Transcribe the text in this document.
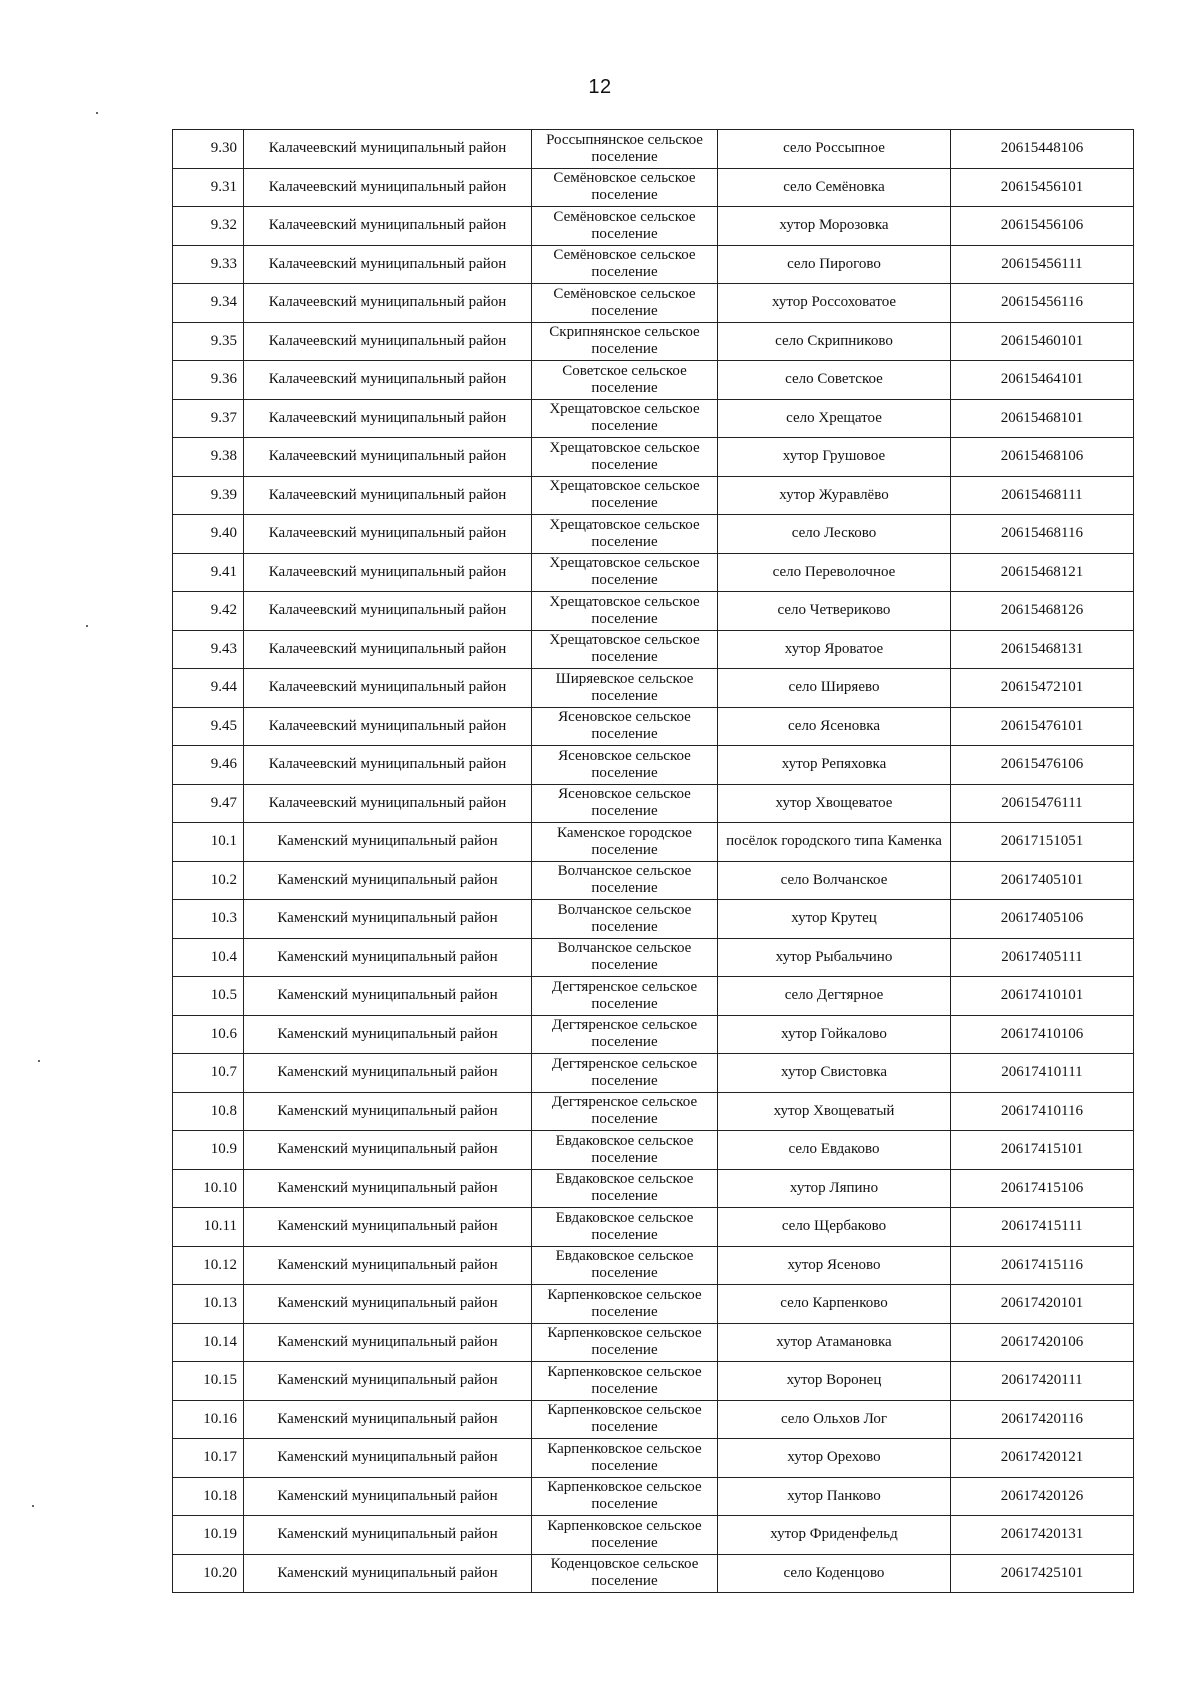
12
9.30	Калачеевский муниципальный район	Россыпнянское сельское поселение	село Россыпное	20615448106
9.31	Калачеевский муниципальный район	Семёновское сельское поселение	село Семёновка	20615456101
9.32	Калачеевский муниципальный район	Семёновское сельское поселение	хутор Морозовка	20615456106
9.33	Калачеевский муниципальный район	Семёновское сельское поселение	село Пирогово	20615456111
9.34	Калачеевский муниципальный район	Семёновское сельское поселение	хутор Россоховатое	20615456116
9.35	Калачеевский муниципальный район	Скрипнянское сельское поселение	село Скрипниково	20615460101
9.36	Калачеевский муниципальный район	Советское сельское поселение	село Советское	20615464101
9.37	Калачеевский муниципальный район	Хрещатовское сельское поселение	село Хрещатое	20615468101
9.38	Калачеевский муниципальный район	Хрещатовское сельское поселение	хутор Грушовое	20615468106
9.39	Калачеевский муниципальный район	Хрещатовское сельское поселение	хутор Журавлёво	20615468111
9.40	Калачеевский муниципальный район	Хрещатовское сельское поселение	село Лесково	20615468116
9.41	Калачеевский муниципальный район	Хрещатовское сельское поселение	село Переволочное	20615468121
9.42	Калачеевский муниципальный район	Хрещатовское сельское поселение	село Четвериково	20615468126
9.43	Калачеевский муниципальный район	Хрещатовское сельское поселение	хутор Яроватое	20615468131
9.44	Калачеевский муниципальный район	Ширяевское сельское поселение	село Ширяево	20615472101
9.45	Калачеевский муниципальный район	Ясеновское сельское поселение	село Ясеновка	20615476101
9.46	Калачеевский муниципальный район	Ясеновское сельское поселение	хутор Репяховка	20615476106
9.47	Калачеевский муниципальный район	Ясеновское сельское поселение	хутор Хвощеватое	20615476111
10.1	Каменский муниципальный район	Каменское городское поселение	посёлок городского типа Каменка	20617151051
10.2	Каменский муниципальный район	Волчанское сельское поселение	село Волчанское	20617405101
10.3	Каменский муниципальный район	Волчанское сельское поселение	хутор Крутец	20617405106
10.4	Каменский муниципальный район	Волчанское сельское поселение	хутор Рыбальчино	20617405111
10.5	Каменский муниципальный район	Дегтяренское сельское поселение	село Дегтярное	20617410101
10.6	Каменский муниципальный район	Дегтяренское сельское поселение	хутор Гойкалово	20617410106
10.7	Каменский муниципальный район	Дегтяренское сельское поселение	хутор Свистовка	20617410111
10.8	Каменский муниципальный район	Дегтяренское сельское поселение	хутор Хвощеватый	20617410116
10.9	Каменский муниципальный район	Евдаковское сельское поселение	село Евдаково	20617415101
10.10	Каменский муниципальный район	Евдаковское сельское поселение	хутор Ляпино	20617415106
10.11	Каменский муниципальный район	Евдаковское сельское поселение	село Щербаково	20617415111
10.12	Каменский муниципальный район	Евдаковское сельское поселение	хутор Ясеново	20617415116
10.13	Каменский муниципальный район	Карпенковское сельское поселение	село Карпенково	20617420101
10.14	Каменский муниципальный район	Карпенковское сельское поселение	хутор Атамановка	20617420106
10.15	Каменский муниципальный район	Карпенковское сельское поселение	хутор Воронец	20617420111
10.16	Каменский муниципальный район	Карпенковское сельское поселение	село Ольхов Лог	20617420116
10.17	Каменский муниципальный район	Карпенковское сельское поселение	хутор Орехово	20617420121
10.18	Каменский муниципальный район	Карпенковское сельское поселение	хутор Панково	20617420126
10.19	Каменский муниципальный район	Карпенковское сельское поселение	хутор Фриденфельд	20617420131
10.20	Каменский муниципальный район	Коденцовское сельское поселение	село Коденцово	20617425101
